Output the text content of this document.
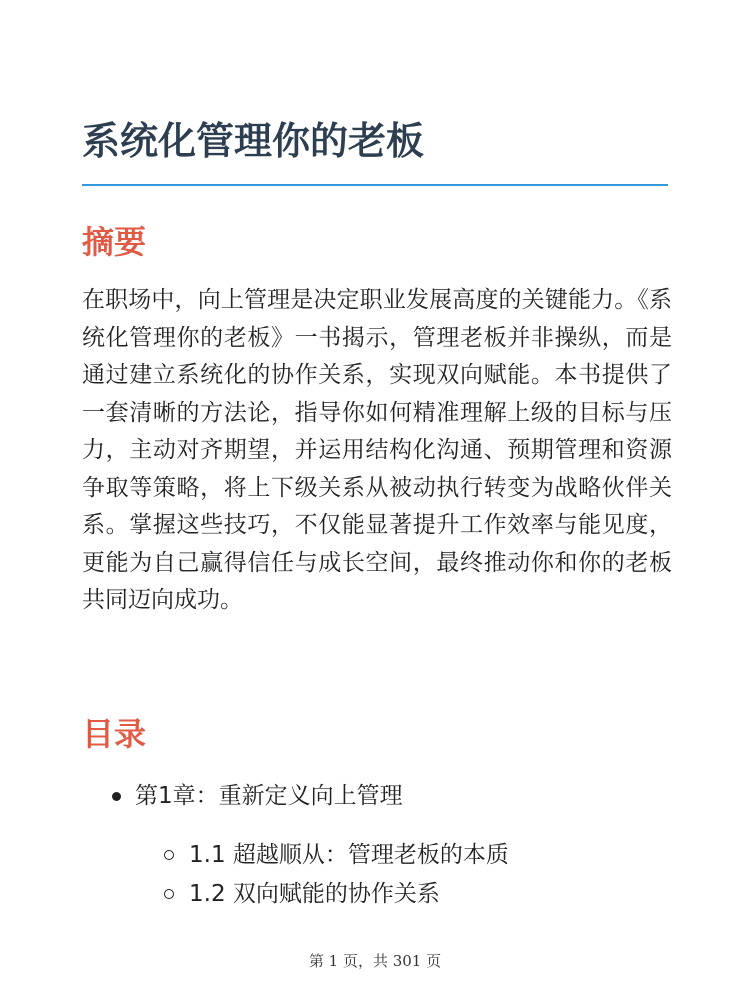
系统化管理你的老板
摘要

在职场中，向上管理是决定职业发展高度的关键能力。《系统化管理你的老板》一书揭示，管理老板并非操纵，而是通过建立系统化的协作关系，实现双向赋能。本书提供了一套清晰的方法论，指导你如何精准理解上级的目标与压力，主动对齐期望，并运用结构化沟通、预期管理和资源争取等策略，将上下级关系从被动执行转变为战略伙伴关系。掌握这些技巧，不仅能显著提升工作效率与能见度，更能为自己赢得信任与成长空间，最终推动你和你的老板共同迈向成功。

目录
第1章：重新定义向上管理
1.1 超越顺从：管理老板的本质
1.2 双向赋能的协作关系
第 1 页，共 301 页
